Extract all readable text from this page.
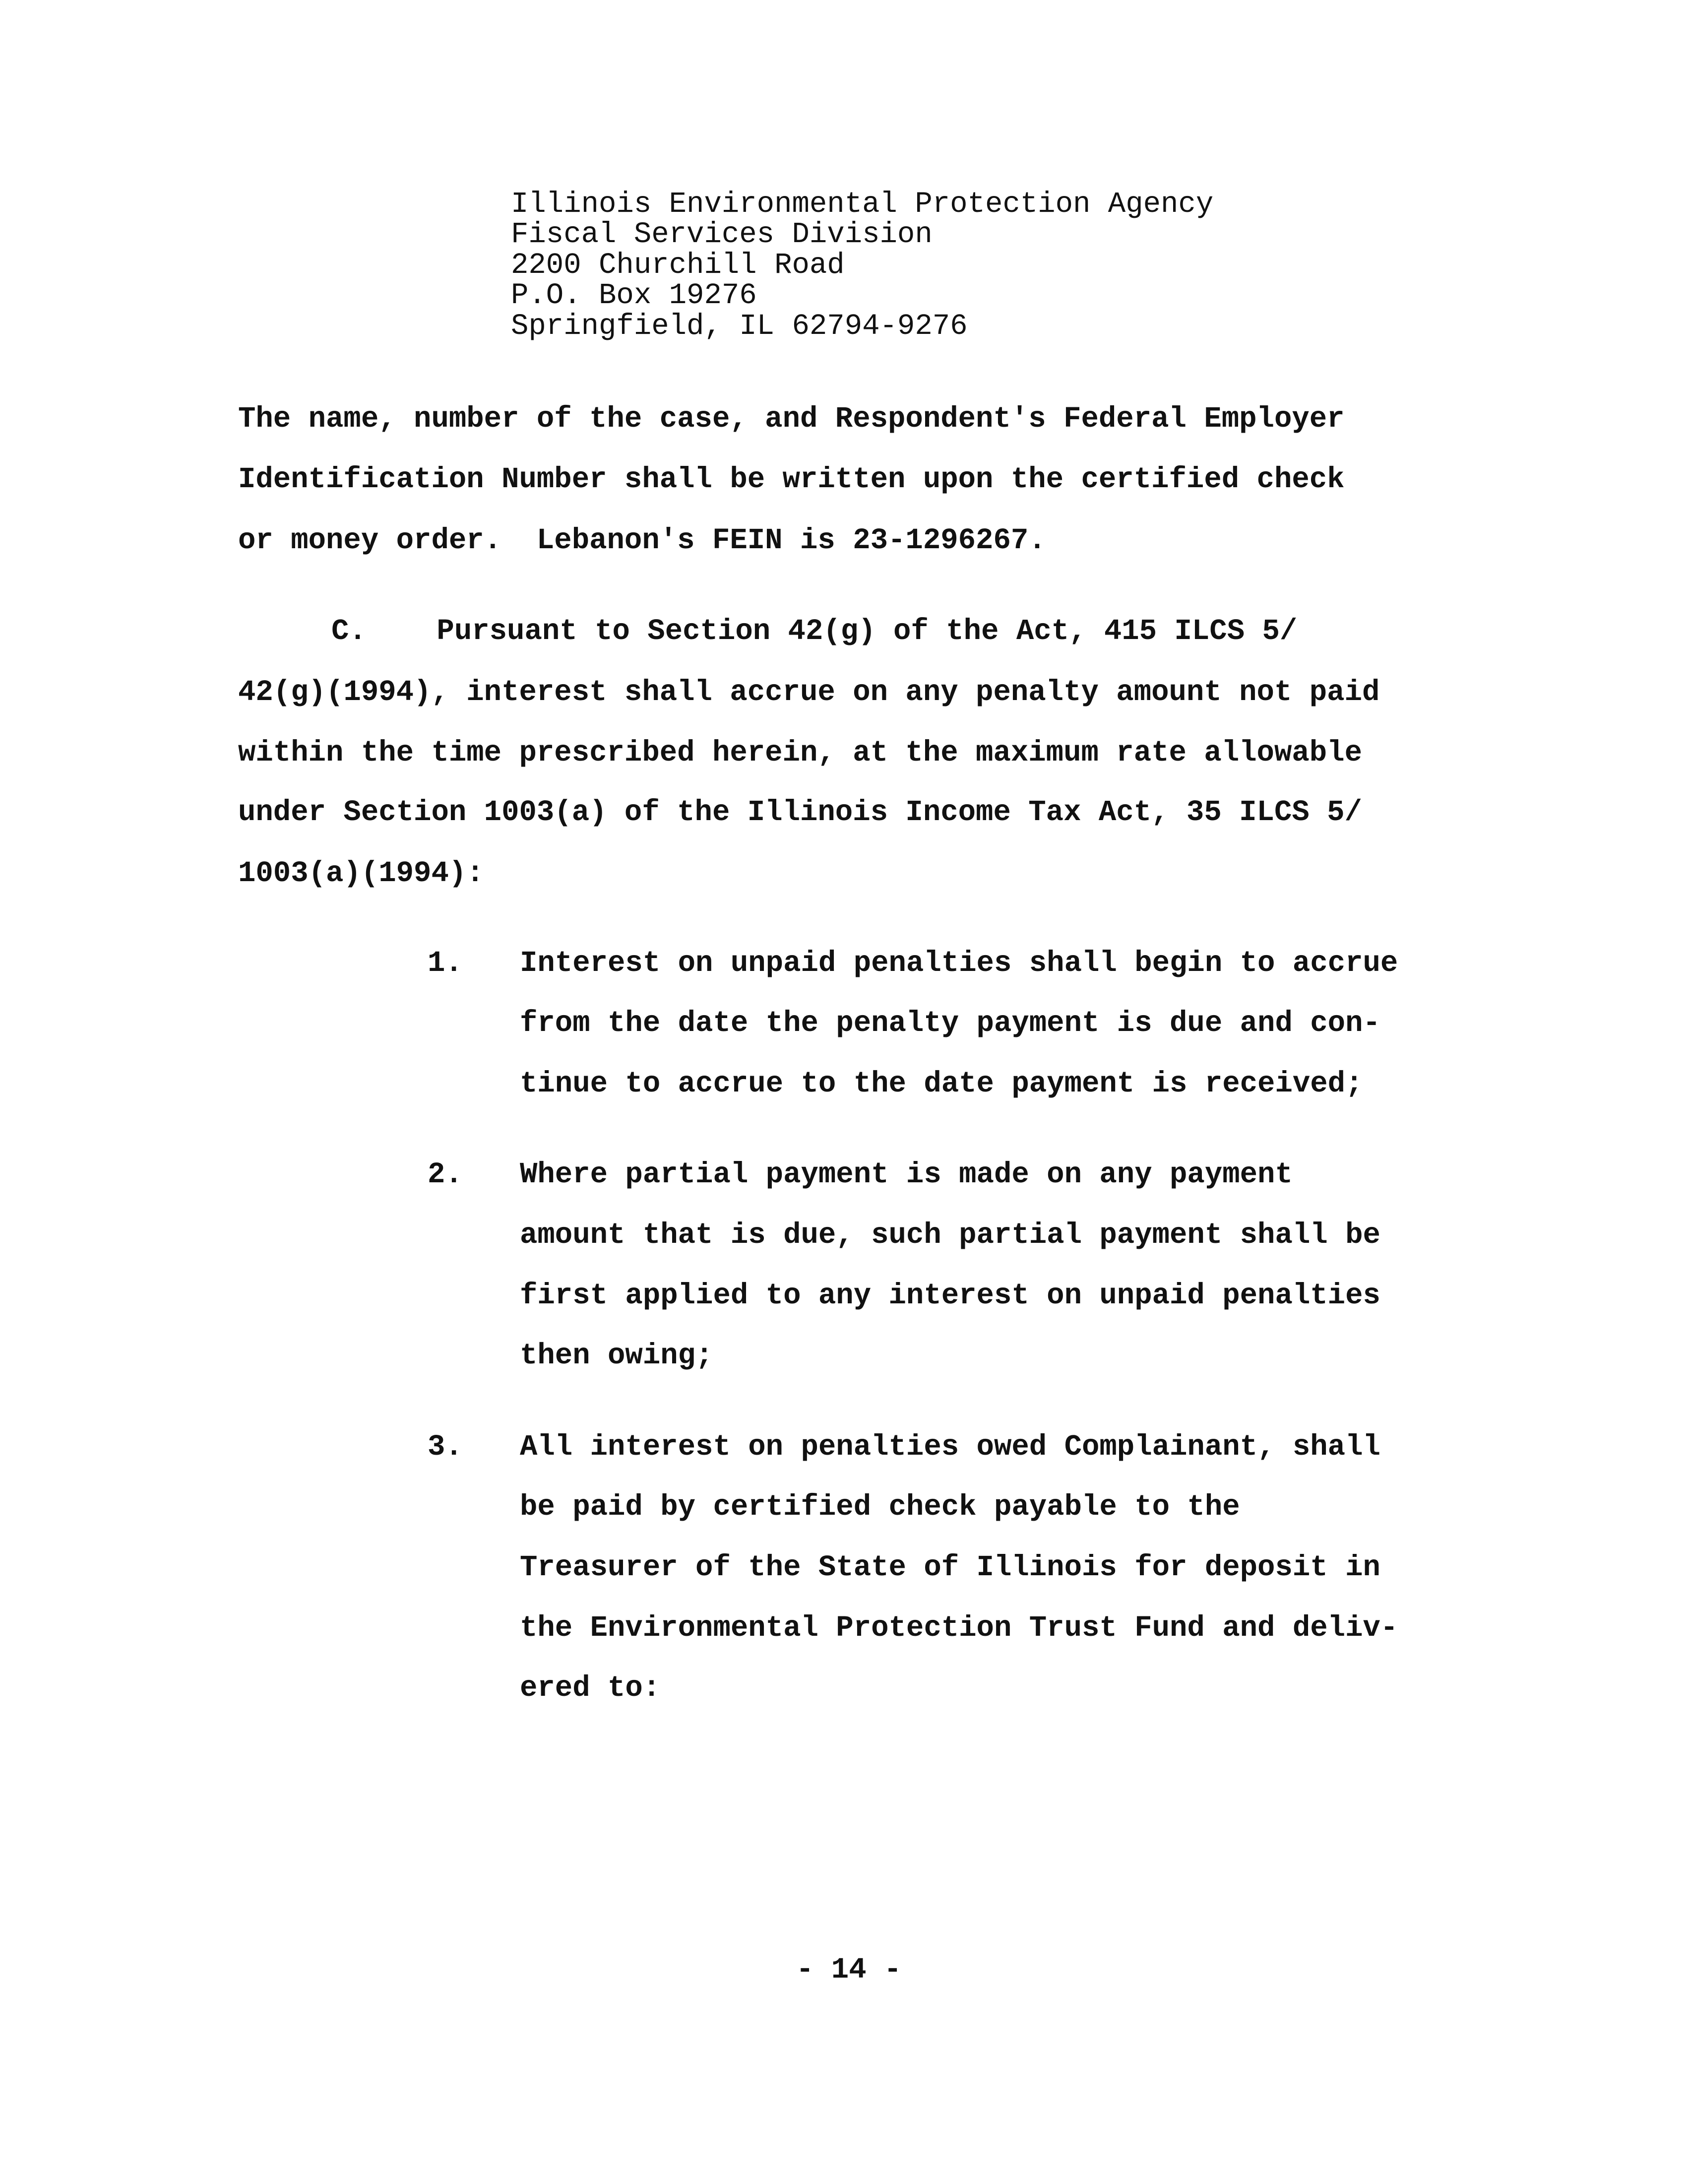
Illinois Environmental Protection Agency
Fiscal Services Division
2200 Churchill Road
P.O. Box 19276
Springfield, IL 62794-9276
The name, number of the case, and Respondent's Federal Employer
Identification Number shall be written upon the certified check
or money order.  Lebanon's FEIN is 23-1296267.
C.    Pursuant to Section 42(g) of the Act, 415 ILCS 5/
42(g)(1994), interest shall accrue on any penalty amount not paid
within the time prescribed herein, at the maximum rate allowable
under Section 1003(a) of the Illinois Income Tax Act, 35 ILCS 5/
1003(a)(1994):
1. Interest on unpaid penalties shall begin to accrue
from the date the penalty payment is due and con-
tinue to accrue to the date payment is received;
2. Where partial payment is made on any payment
amount that is due, such partial payment shall be
first applied to any interest on unpaid penalties
then owing;
3. All interest on penalties owed Complainant, shall
be paid by certified check payable to the
Treasurer of the State of Illinois for deposit in
the Environmental Protection Trust Fund and deliv-
ered to:
- 14 -
